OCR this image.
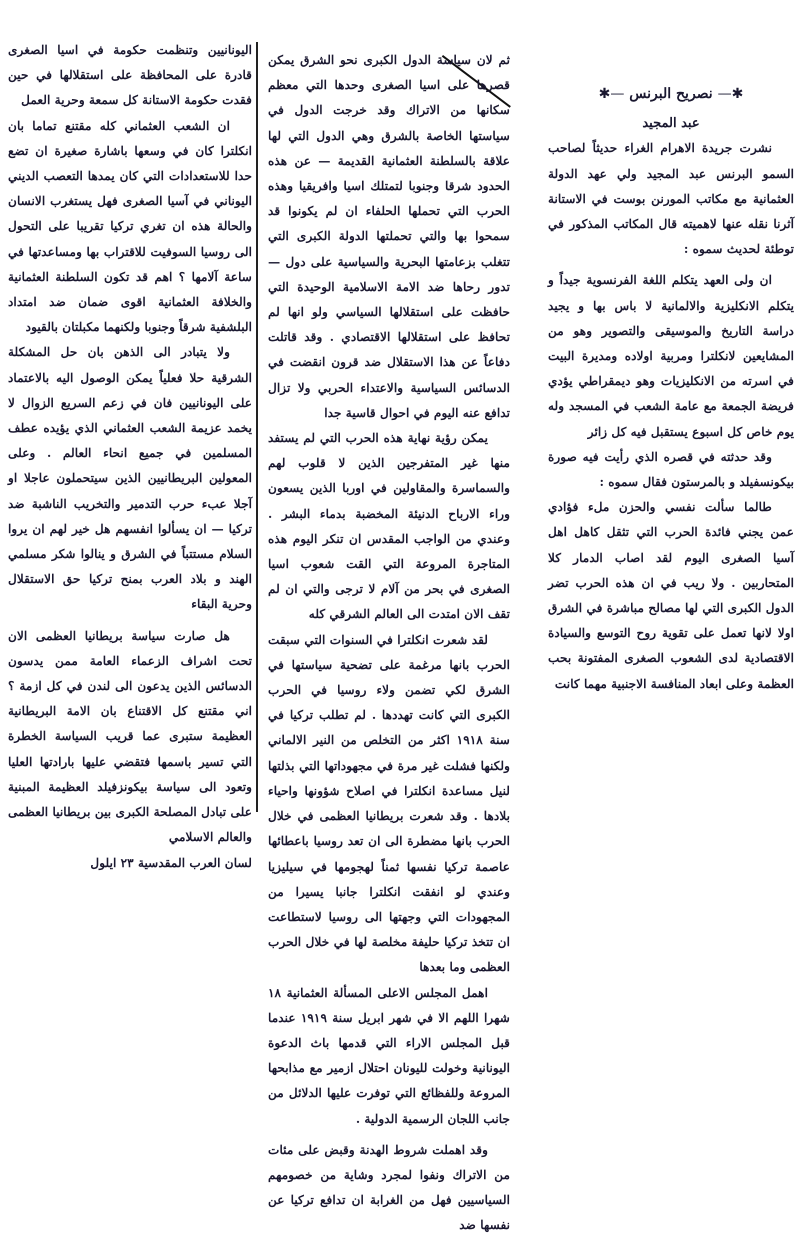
✱— نصريح البرنس —✱
عبد المجيد

نشرت جريدة الاهرام الغراء حديثاً لصاحب السمو البرنس عبد المجيد ولي عهد الدولة العثمانية مع مكاتب المورنن بوست في الاستانة آثرنا نقله عنها لاهميته قال المكاتب المذكور في توطئة لحديث سموه :

ان ولى العهد يتكلم اللغة الفرنسوية جيداً و يتكلم الانكليزية والالمانية لا باس بها و يجيد دراسة التاريخ والموسيقى والتصوير وهو من المشايعين لانكلترا ومربية اولاده ومديرة البيت في اسرته من الانكليزيات وهو ديمقراطي يؤدي فريضة الجمعة مع عامة الشعب في المسجد وله يوم خاص كل اسبوع يستقبل فيه كل زائر

وقد حدثته في قصره الذي رأيت فيه صورة بيكونسفيلد و بالمرستون فقال سموه :

طالما سألت نفسي والحزن ملء فؤادي عمن يجني فائدة الحرب التي تثقل كاهل اهل آسيا الصغرى اليوم لقد اصاب الدمار كلا المتحاربين . ولا ريب في ان هذه الحرب تضر الدول الكبرى التي لها مصالح مباشرة في الشرق اولا لانها تعمل على تقوية روح التوسع والسيادة الاقتصادية لدى الشعوب الصغرى المفتونة بحب العظمة وعلى ابعاد المنافسة الاجنبية مهما كانت

ثم لان سياسة الدول الكبرى نحو الشرق يمكن قصرها على اسيا الصغرى وحدها التي معظم سكانها من الاتراك وقد خرجت الدول في سياستها الخاصة بالشرق وهي الدول التي لها علاقة بالسلطنة العثمانية القديمة — عن هذه الحدود شرقا وجنوبا لتمتلك اسيا وافريقيا وهذه الحرب التي تحملها الحلفاء ان لم يكونوا قد سمحوا بها والتي تحملتها الدولة الكبرى التي تتغلب بزعامتها البحرية والسياسية على دول — تدور رحاها ضد الامة الاسلامية الوحيدة التي حافظت على استقلالها السياسي ولو انها لم تحافظ على استقلالها الاقتصادي . وقد قاتلت دفاعاً عن هذا الاستقلال ضد قرون انقضت في الدسائس السياسية والاعتداء الحربي ولا تزال تدافع عنه اليوم في احوال قاسية جدا

يمكن رؤية نهاية هذه الحرب التي لم يستفد منها غير المتفرجين الذين لا قلوب لهم والسماسرة والمقاولين في اوربا الذين يسعون وراء الارباح الدنيئة المخضبة بدماء البشر . وعندي من الواجب المقدس ان تنكر اليوم هذه المتاجرة المروعة التي القت شعوب اسيا الصغرى في بحر من آلام لا ترجى والتي ان لم تقف الان امتدت الى العالم الشرقي كله

لقد شعرت انكلترا في السنوات التي سبقت الحرب بانها مرغمة على تضحية سياستها في الشرق لكي تضمن ولاء روسيا في الحرب الكبرى التي كانت تهددها . لم تطلب تركيا في سنة ١٩١٨ اكثر من التخلص من النير الالماني ولكنها فشلت غير مرة في مجهوداتها التي بذلتها لنيل مساعدة انكلترا في اصلاح شؤونها واحياء بلادها . وقد شعرت بريطانيا العظمى في خلال الحرب بانها مضطرة الى ان تعد روسيا باعطائها عاصمة تركيا نفسها ثمناً لهجومها في سيليزيا وعندي لو انفقت انكلترا جانبا يسيرا من المجهودات التي وجهتها الى روسيا لاستطاعت ان تتخذ تركيا حليفة مخلصة لها في خلال الحرب العظمى وما بعدها

اهمل المجلس الاعلى المسألة العثمانية ١٨ شهرا اللهم الا في شهر ابريل سنة ١٩١٩ عندما قبل المجلس الاراء التي قدمها باث الدعوة اليونانية وخولت لليونان احتلال ازمير مع مذابحها المروعة وللفظائع التي توفرت عليها الدلائل من جانب اللجان الرسمية الدولية .

وقد اهملت شروط الهدنة وقبض على مئات من الاتراك ونفوا لمجرد وشاية من خصومهم السياسيين فهل من الغرابة ان تدافع تركيا عن نفسها ضد

اليونانيين وتنظمت حكومة في اسيا الصغرى قادرة على المحافظة على استقلالها في حين فقدت حكومة الاستانة كل سمعة وحرية العمل

ان الشعب العثماني كله مقتنع تماما بان انكلترا كان في وسعها باشارة صغيرة ان تضع حدا للاستعدادات التي كان يمدها التعصب الديني اليوناني في آسيا الصغرى فهل يستغرب الانسان والحالة هذه ان تغري تركيا تقريبا على التحول الى روسيا السوفيت للاقتراب بها ومساعدتها في ساعة آلامها ؟ اهم قد تكون السلطنة العثمانية والخلافة العثمانية اقوى ضمان ضد امتداد البلشفية شرقاً وجنوبا ولكنهما مكبلتان بالقيود

ولا يتبادر الى الذهن بان حل المشكلة الشرقية حلا فعلياً يمكن الوصول اليه بالاعتماد على اليونانيين فان في زعم السريع الزوال لا يخمد عزيمة الشعب العثماني الذي يؤيده عطف المسلمين في جميع انحاء العالم . وعلى المعولين البريطانيين الذين سيتحملون عاجلا او آجلا عبء حرب التدمير والتخريب الناشبة ضد تركيا — ان يسألوا انفسهم هل خير لهم ان يروا السلام مستتباً في الشرق و ينالوا شكر مسلمي الهند و بلاد العرب بمنح تركيا حق الاستقلال وحرية البقاء

هل صارت سياسة بريطانيا العظمى الان تحت اشراف الزعماء العامة ممن يدسون الدسائس الذين يدعون الى لندن في كل ازمة ؟ اني مقتنع كل الاقتناع بان الامة البريطانية العظيمة ستبرى عما قريب السياسة الخطرة التي تسير باسمها فتقضي عليها بارادتها العليا وتعود الى سياسة بيكونزفيلد العظيمة المبنية على تبادل المصلحة الكبرى بين بريطانيا العظمى والعالم الاسلامي

لسان العرب المقدسية ٢٣ ايلول
